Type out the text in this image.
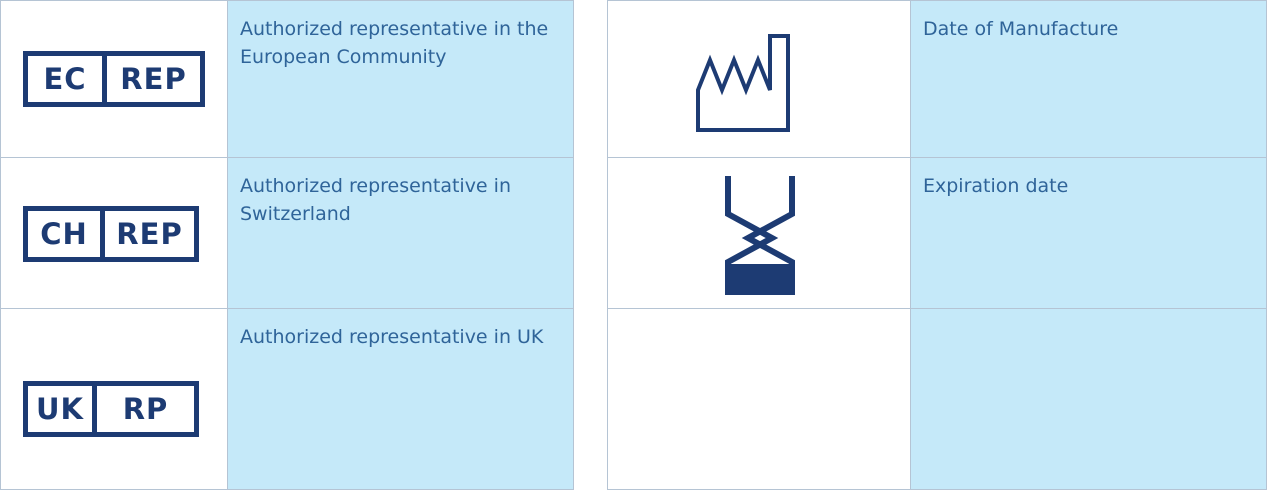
EC	REP
Authorized representative in the European Community
CH REP
Authorized representative in Switzerland
UK	RP
Authorized representative in UK
Date of Manufacture
Expiration date
